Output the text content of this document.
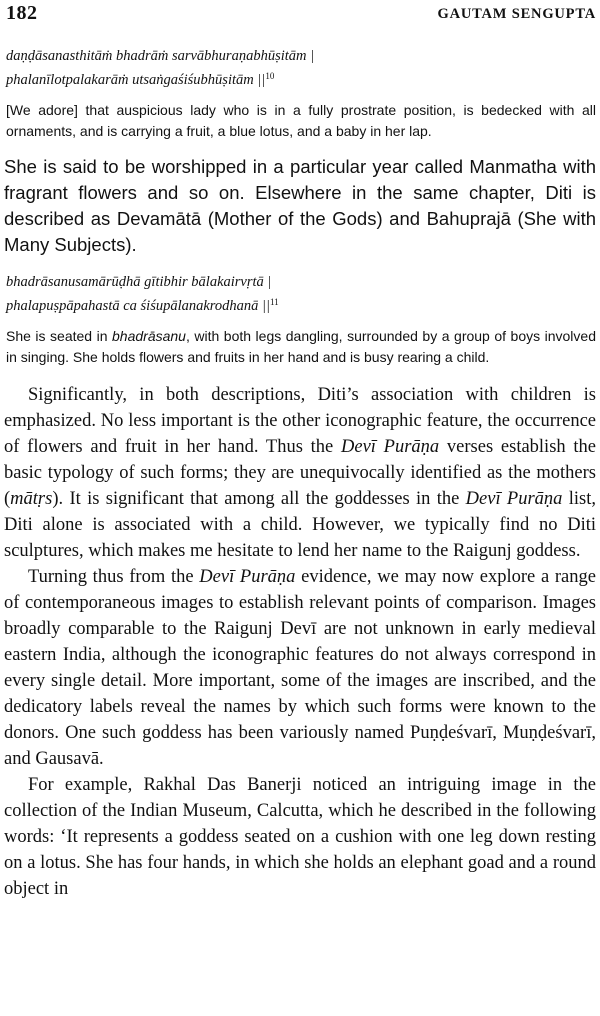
182	GAUTAM SENGUPTA
daṇḍāsanasthitāṁ bhadrāṁ sarvābhuraṇabhūṣitām |
phalanīlotpalakarāṁ utsaṅgaśiśubhūṣitām $||^{10}$

[We adore] that auspicious lady who is in a fully prostrate position, is bedecked with all ornaments, and is carrying a fruit, a blue lotus, and a baby in her lap.

She is said to be worshipped in a particular year called Manmatha with fragrant flowers and so on. Elsewhere in the same chapter, Diti is described as Devamātā (Mother of the Gods) and Bahuprajā (She with Many Subjects).

bhadrāsanusamārūḍhā gītibhir bālakairvṛtā |
phalapuṣpāpahastā ca śiśupālanakrodhanā $||^{11}$

She is seated in bhadrāsanu, with both legs dangling, surrounded by a group of boys involved in singing. She holds flowers and fruits in her hand and is busy rearing a child.

Significantly, in both descriptions, Diti’s association with children is emphasized. No less important is the other iconographic feature, the occurrence of flowers and fruit in her hand. Thus the Devī Purāṇa verses establish the basic typology of such forms; they are unequivocally identified as the mothers (mātṛs). It is significant that among all the goddesses in the Devī Purāṇa list, Diti alone is associated with a child. However, we typically find no Diti sculptures, which makes me hesitate to lend her name to the Raigunj goddess.

Turning thus from the Devī Purāṇa evidence, we may now explore a range of contemporaneous images to establish relevant points of comparison. Images broadly comparable to the Raigunj Devī are not unknown in early medieval eastern India, although the iconographic features do not always correspond in every single detail. More important, some of the images are inscribed, and the dedicatory labels reveal the names by which such forms were known to the donors. One such goddess has been variously named Puṇḍeśvarī, Muṇḍeśvarī, and Gausavā.

For example, Rakhal Das Banerji noticed an intriguing image in the collection of the Indian Museum, Calcutta, which he described in the following words: ‘It represents a goddess seated on a cushion with one leg down resting on a lotus. She has four hands, in which she holds an elephant goad and a round object in
